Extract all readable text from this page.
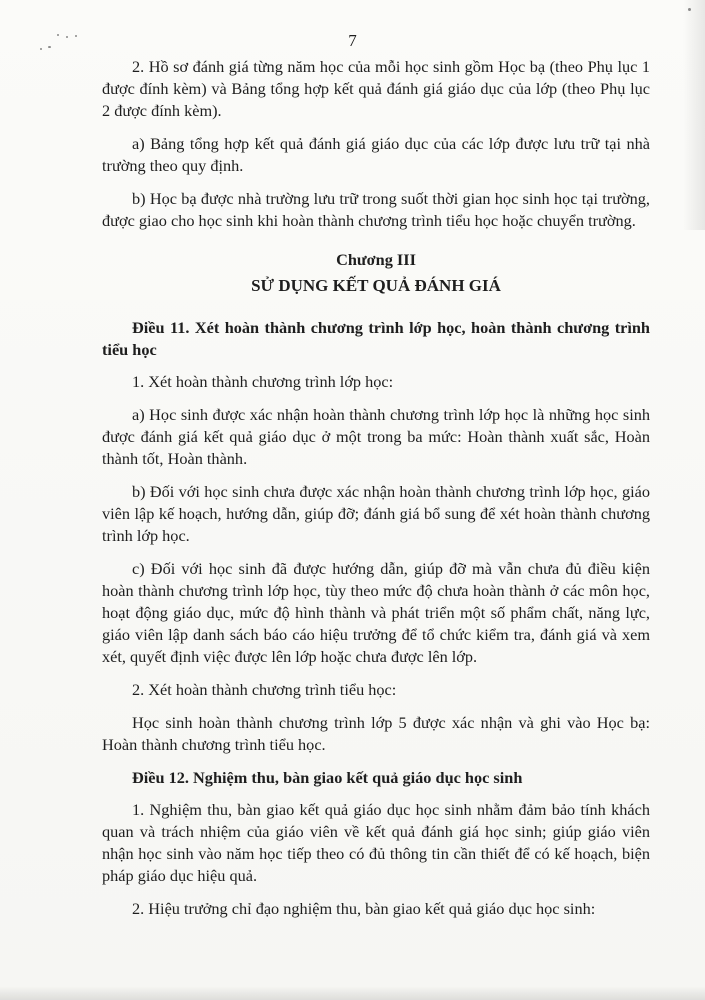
7

2. Hồ sơ đánh giá từng năm học của mỗi học sinh gồm Học bạ (theo Phụ lục 1 được đính kèm) và Bảng tổng hợp kết quả đánh giá giáo dục của lớp (theo Phụ lục 2 được đính kèm).

a) Bảng tổng hợp kết quả đánh giá giáo dục của các lớp được lưu trữ tại nhà trường theo quy định.

b) Học bạ được nhà trường lưu trữ trong suốt thời gian học sinh học tại trường, được giao cho học sinh khi hoàn thành chương trình tiểu học hoặc chuyển trường.

Chương III
SỬ DỤNG KẾT QUẢ ĐÁNH GIÁ

Điều 11. Xét hoàn thành chương trình lớp học, hoàn thành chương trình tiểu học

1. Xét hoàn thành chương trình lớp học:

a) Học sinh được xác nhận hoàn thành chương trình lớp học là những học sinh được đánh giá kết quả giáo dục ở một trong ba mức: Hoàn thành xuất sắc, Hoàn thành tốt, Hoàn thành.

b) Đối với học sinh chưa được xác nhận hoàn thành chương trình lớp học, giáo viên lập kế hoạch, hướng dẫn, giúp đỡ; đánh giá bổ sung để xét hoàn thành chương trình lớp học.

c) Đối với học sinh đã được hướng dẫn, giúp đỡ mà vẫn chưa đủ điều kiện hoàn thành chương trình lớp học, tùy theo mức độ chưa hoàn thành ở các môn học, hoạt động giáo dục, mức độ hình thành và phát triển một số phẩm chất, năng lực, giáo viên lập danh sách báo cáo hiệu trưởng để tổ chức kiểm tra, đánh giá và xem xét, quyết định việc được lên lớp hoặc chưa được lên lớp.

2. Xét hoàn thành chương trình tiểu học:

Học sinh hoàn thành chương trình lớp 5 được xác nhận và ghi vào Học bạ: Hoàn thành chương trình tiểu học.

Điều 12. Nghiệm thu, bàn giao kết quả giáo dục học sinh

1. Nghiệm thu, bàn giao kết quả giáo dục học sinh nhằm đảm bảo tính khách quan và trách nhiệm của giáo viên về kết quả đánh giá học sinh; giúp giáo viên nhận học sinh vào năm học tiếp theo có đủ thông tin cần thiết để có kế hoạch, biện pháp giáo dục hiệu quả.

2. Hiệu trưởng chỉ đạo nghiệm thu, bàn giao kết quả giáo dục học sinh:
